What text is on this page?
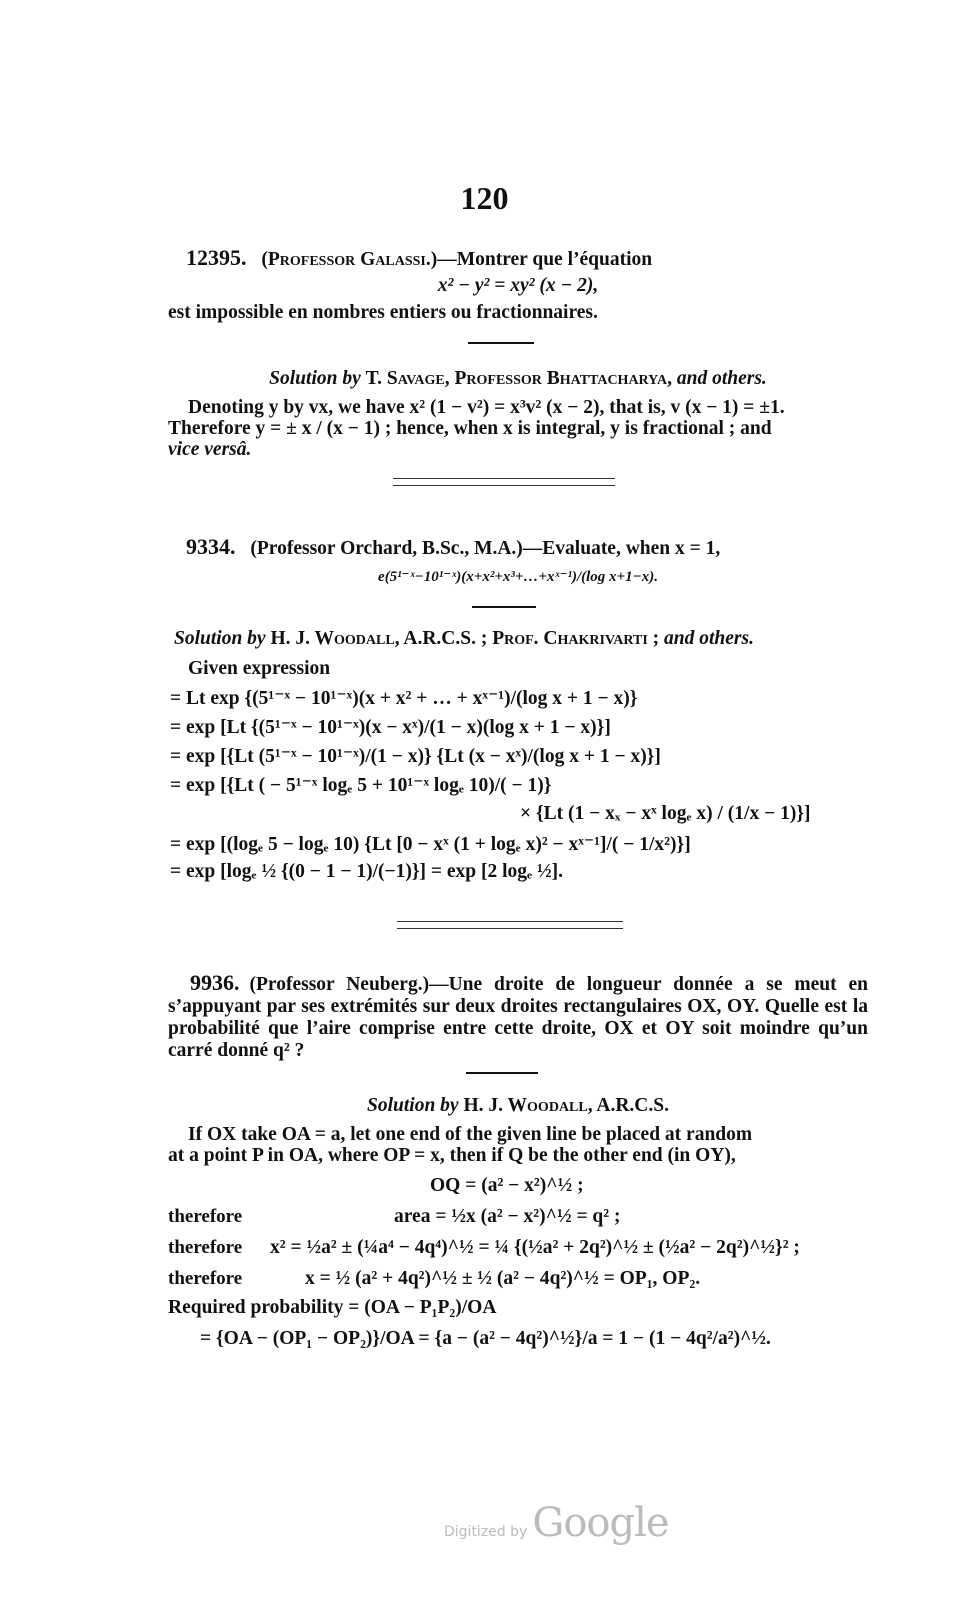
120
12395. (Professor Galassi.)—Montrer que l’équation
x² − y² = xy² (x − 2),
est impossible en nombres entiers ou fractionnaires.
Solution by T. Savage, Professor Bhattacharya, and others.
Denoting y by vx, we have x² (1 − v²) = x³v² (x − 2), that is, v (x − 1) = ±1.
Therefore y = ± x / (x − 1) ; hence, when x is integral, y is fractional ; and
vice versâ.
9334. (Professor Orchard, B.Sc., M.A.)—Evaluate, when x = 1,
e(5¹⁻ˣ−10¹⁻ˣ)(x+x²+x³+…+xˣ⁻¹)/(log x+1−x).
Solution by H. J. Woodall, A.R.C.S. ; Prof. Chakrivarti ; and others.
Given expression
= Lt exp {(5¹⁻ˣ − 10¹⁻ˣ)(x + x² + … + xˣ⁻¹)/(log x + 1 − x)}
= exp [Lt {(5¹⁻ˣ − 10¹⁻ˣ)(x − xˣ)/(1 − x)(log x + 1 − x)}]
= exp [{Lt (5¹⁻ˣ − 10¹⁻ˣ)/(1 − x)} {Lt (x − xˣ)/(log x + 1 − x)}]
= exp [{Lt ( − 5¹⁻ˣ logₑ 5 + 10¹⁻ˣ logₑ 10)/( − 1)}
× {Lt (1 − xₓ − xˣ logₑ x) / (1/x − 1)}]
= exp [(logₑ 5 − logₑ 10) {Lt [0 − xˣ (1 + logₑ x)² − xˣ⁻¹]/( − 1/x²)}]
= exp [logₑ ½ {(0 − 1 − 1)/(−1)}] = exp [2 logₑ ½].
9936. (Professor Neuberg.)—Une droite de longueur donnée a se meut en s’appuyant par ses extrémités sur deux droites rectangulaires OX, OY. Quelle est la probabilité que l’aire comprise entre cette droite, OX et OY soit moindre qu’un carré donné q² ?
Solution by H. J. Woodall, A.R.C.S.
If OX take OA = a, let one end of the given line be placed at random
at a point P in OA, where OP = x, then if Q be the other end (in OY),
OQ = (a² − x²)^½ ;
therefore	area = ½x (a² − x²)^½ = q² ;
therefore x² = ½a² ± (¼a⁴ − 4q⁴)^½ = ¼ {(½a² + 2q²)^½ ± (½a² − 2q²)^½}² ;
therefore	x = ½ (a² + 4q²)^½ ± ½ (a² − 4q²)^½ = OP₁, OP₂.
Required probability = (OA − P₁P₂)/OA
= {OA − (OP₁ − OP₂)}/OA = {a − (a² − 4q²)^½}/a = 1 − (1 − 4q²/a²)^½.
Digitized by Google
